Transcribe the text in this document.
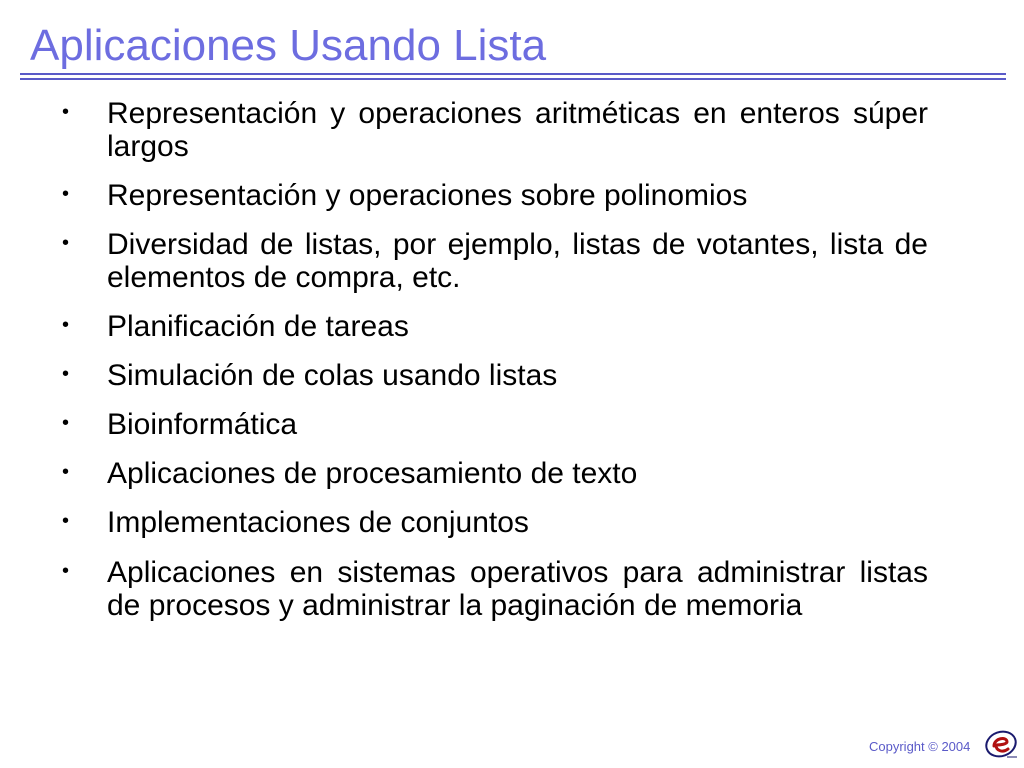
Aplicaciones Usando Lista
• Representación y operaciones aritméticas en enteros súper largos
• Representación y operaciones sobre polinomios
• Diversidad de listas, por ejemplo, listas de votantes, lista de elementos de compra, etc.
• Planificación de tareas
• Simulación de colas usando listas
• Bioinformática
• Aplicaciones de procesamiento de texto
• Implementaciones de conjuntos
• Aplicaciones en sistemas operativos para administrar listas de procesos y administrar la paginación de memoria
Copyright © 2004
